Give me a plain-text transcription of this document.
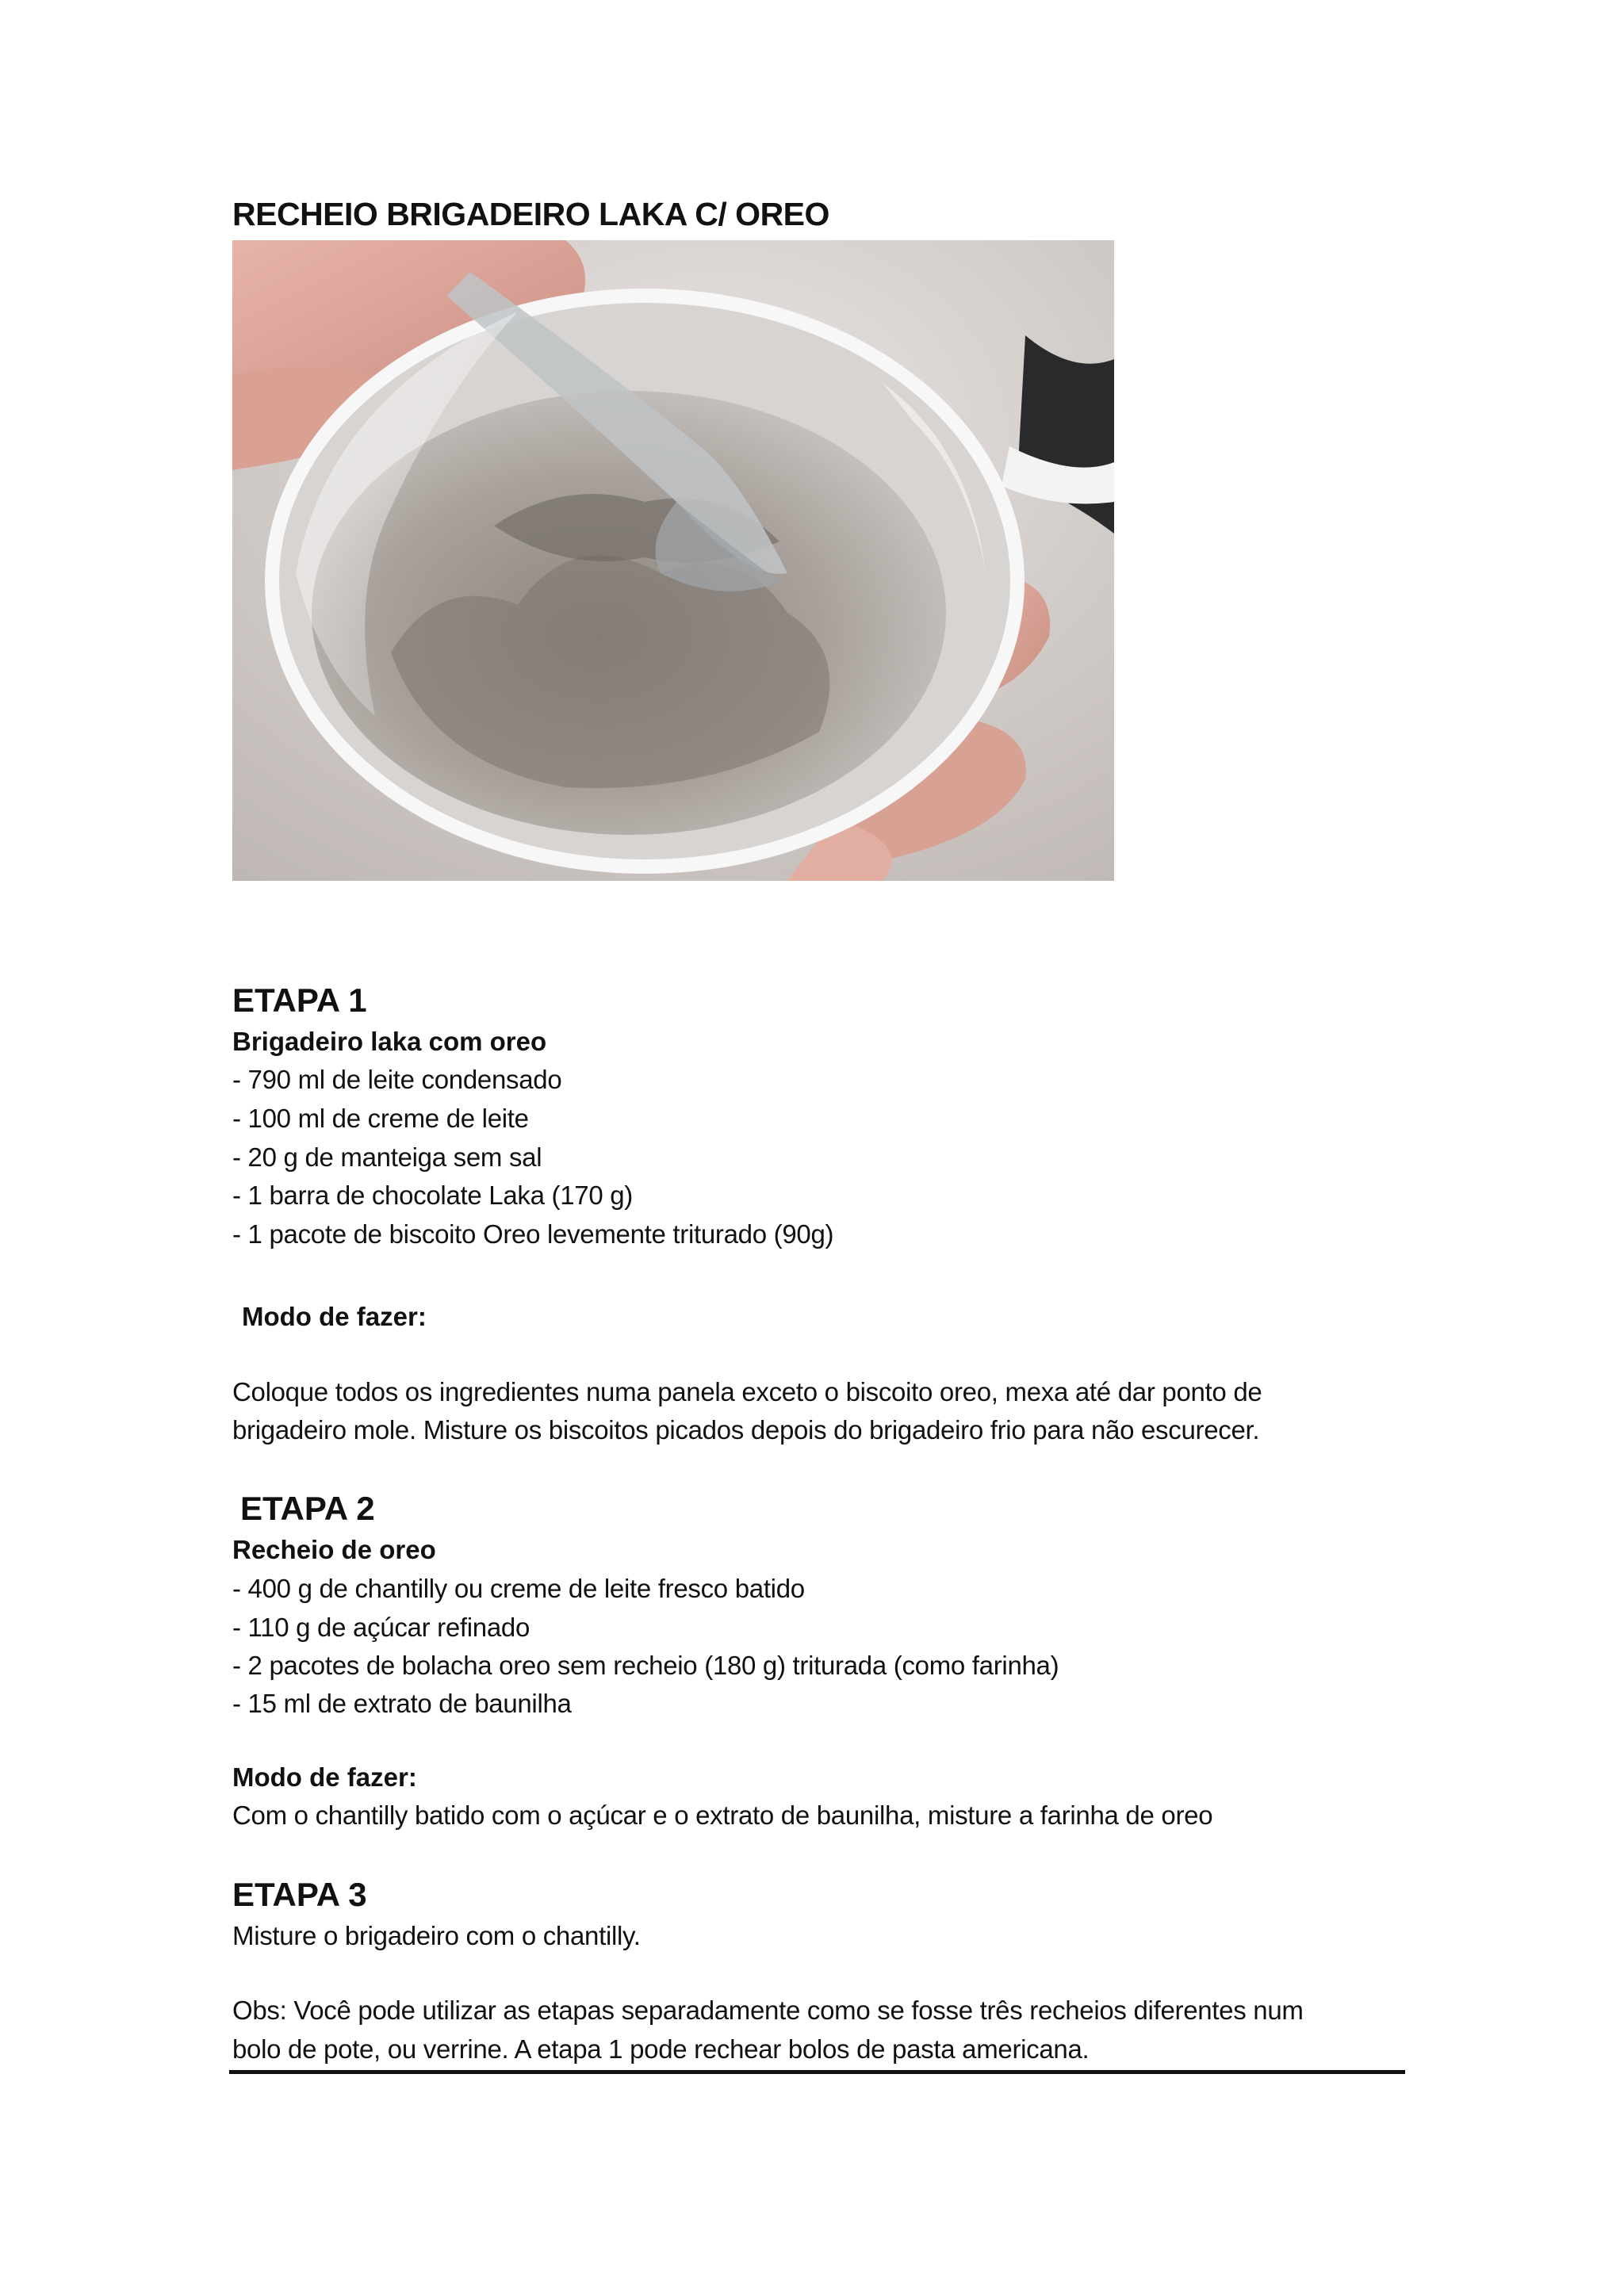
RECHEIO BRIGADEIRO LAKA C/ OREO
ETAPA 1
Brigadeiro laka com oreo
- 790 ml de leite condensado
- 100 ml de creme de leite
- 20 g de manteiga sem sal
- 1 barra de chocolate Laka (170 g)
- 1 pacote de biscoito Oreo levemente triturado (90g)
Modo de fazer:
Coloque todos os ingredientes numa panela exceto o biscoito oreo, mexa até dar ponto de
brigadeiro mole. Misture os biscoitos picados depois do brigadeiro frio para não escurecer.
ETAPA 2
Recheio de oreo
- 400 g de chantilly ou creme de leite fresco batido
- 110 g de açúcar refinado
- 2 pacotes de bolacha oreo sem recheio (180 g) triturada (como farinha)
- 15 ml de extrato de baunilha
Modo de fazer:
Com o chantilly batido com o açúcar e o extrato de baunilha, misture a farinha de oreo
ETAPA 3
Misture o brigadeiro com o chantilly.
Obs: Você pode utilizar as etapas separadamente como se fosse três recheios diferentes num
bolo de pote, ou verrine. A etapa 1 pode rechear bolos de pasta americana.
